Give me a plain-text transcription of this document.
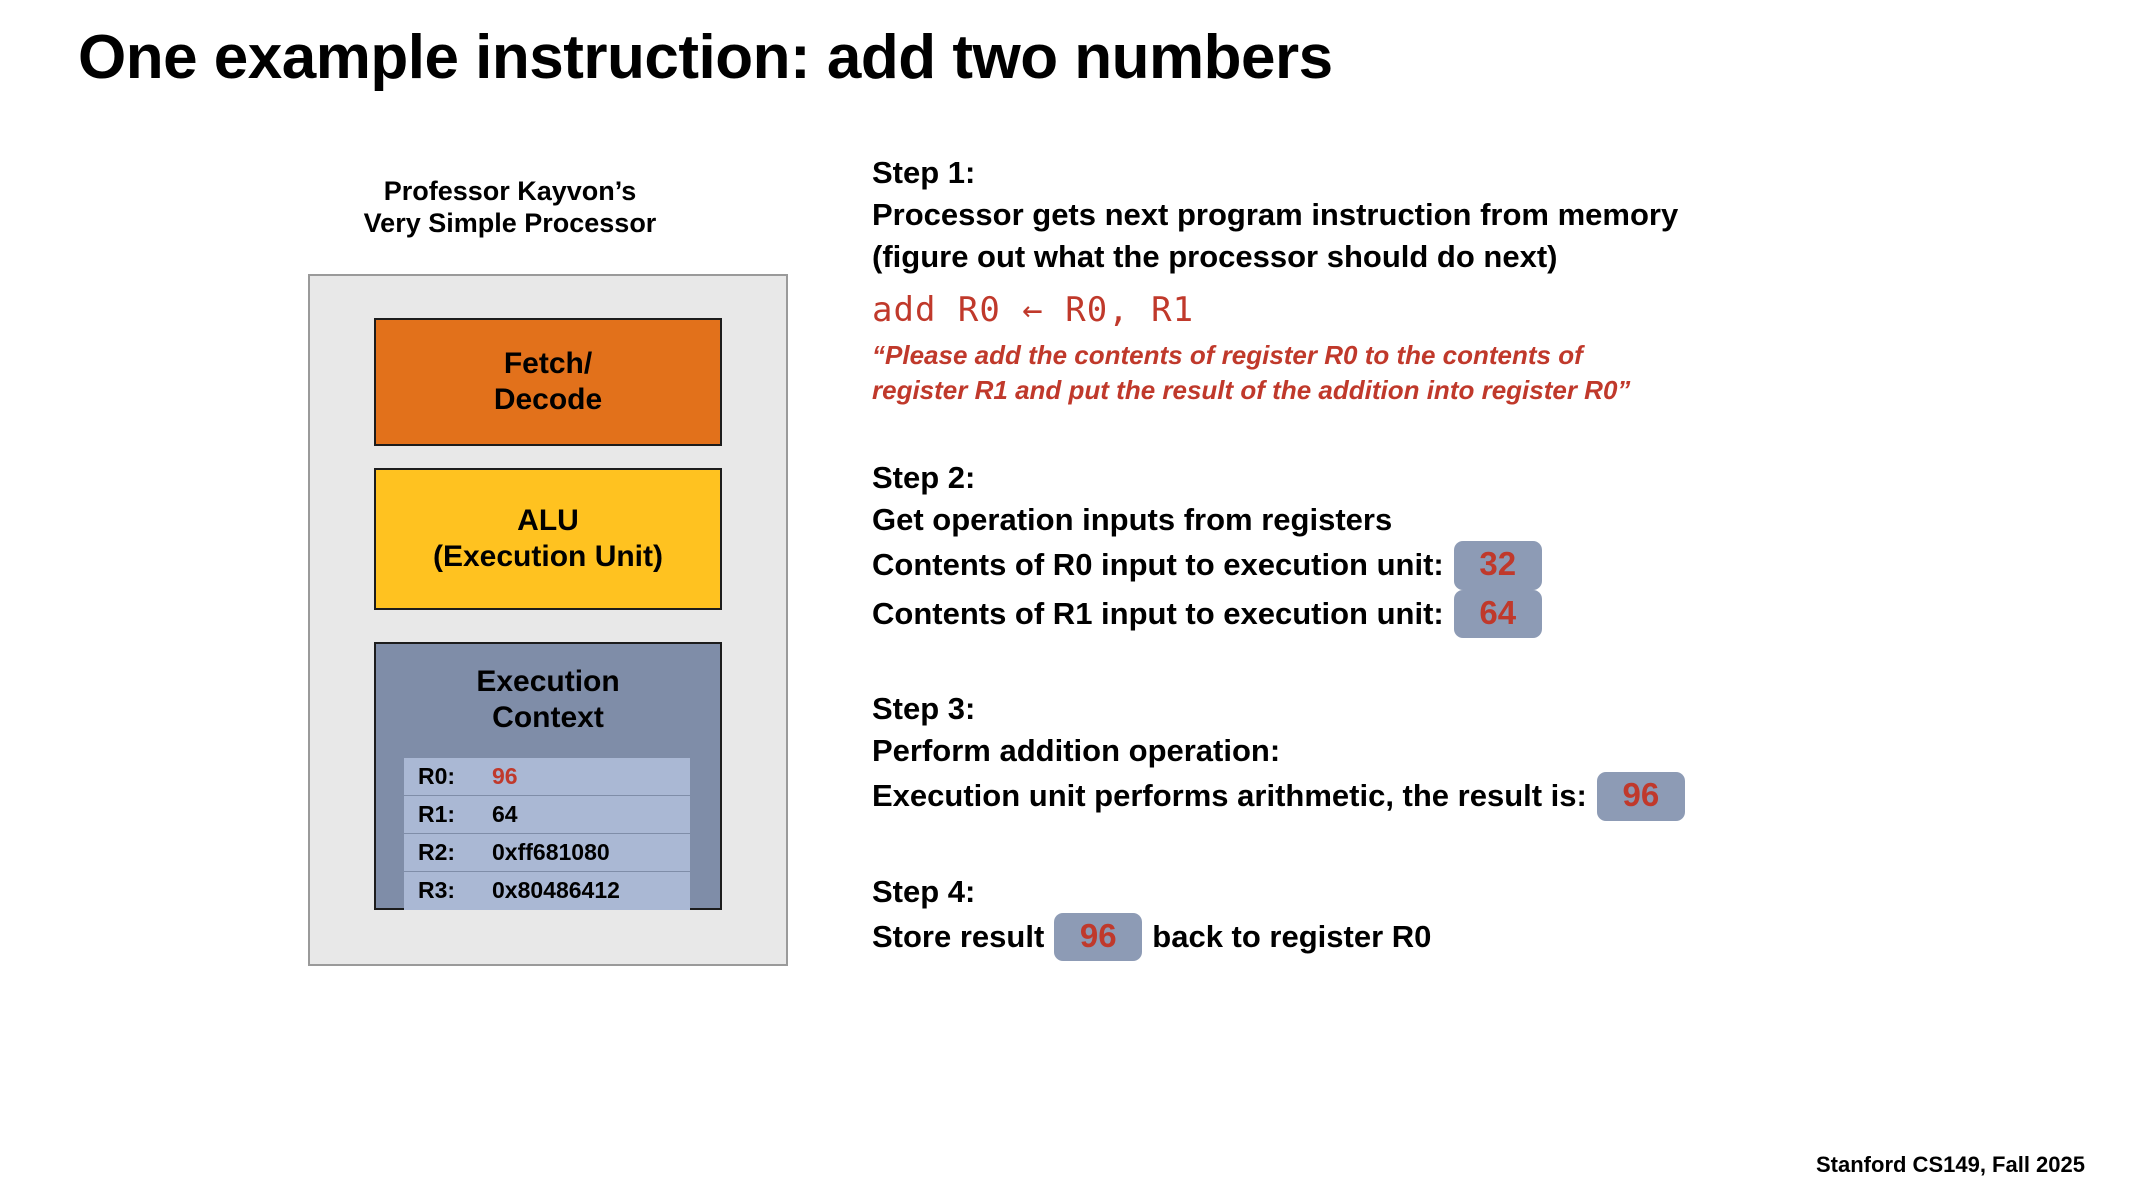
One example instruction: add two numbers
Professor Kayvon’s
Very Simple Processor
Fetch/
Decode
ALU
(Execution Unit)
Execution
Context
R0:	96
R1:	64
R2:	0xff681080
R3:	0x80486412
Step 1:
Processor gets next program instruction from memory
(figure out what the processor should do next)
add R0 ← R0, R1
“Please add the contents of register R0 to the contents of
register R1 and put the result of the addition into register R0”
Step 2:
Get operation inputs from registers
Contents of R0 input to execution unit:	32
Contents of R1 input to execution unit:	64
Step 3:
Perform addition operation:
Execution unit performs arithmetic, the result is:	96
Step 4:
Store result	96	back to register R0
Stanford CS149, Fall 2025
